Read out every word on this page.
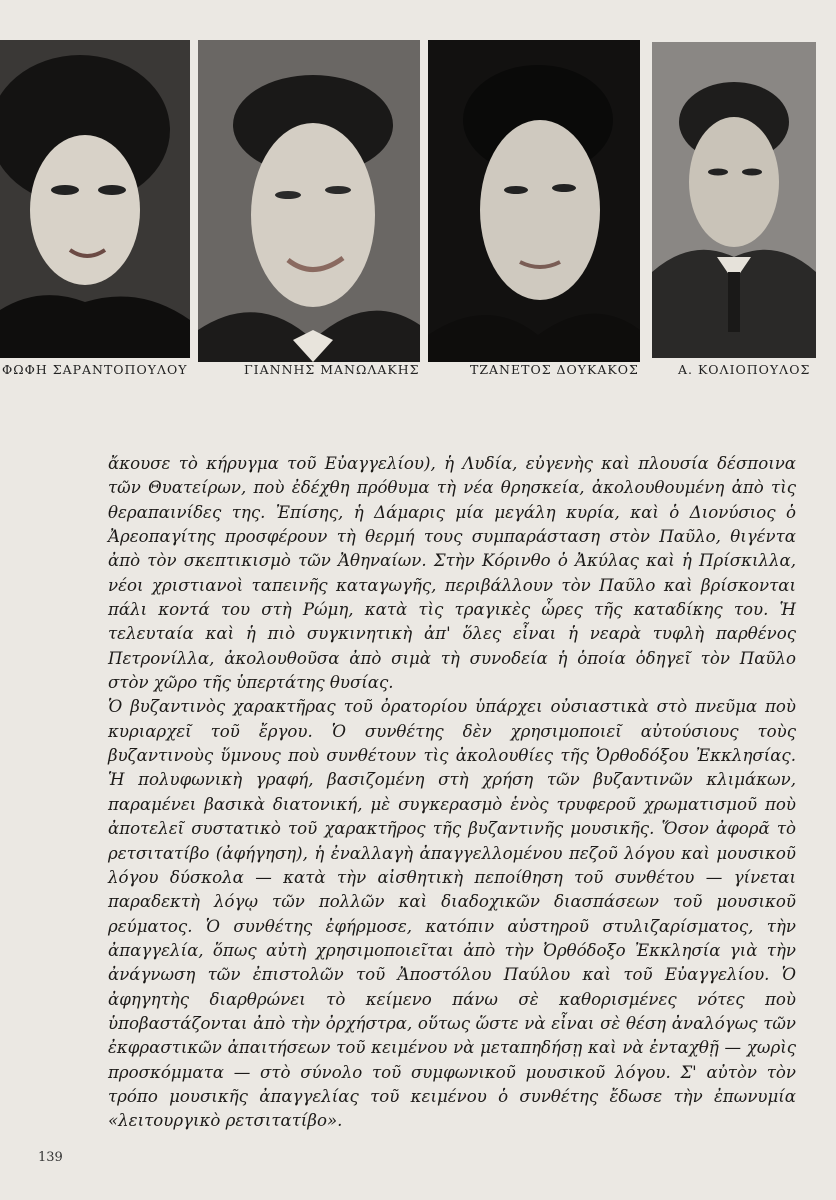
ΦΩΦΗ ΣΑΡΑΝΤΟΠΟΥΛΟΥ	ΓΙΑΝΝΗΣ ΜΑΝΩΛΑΚΗΣ	ΤΖΑΝΕΤΟΣ ΔΟΥΚΑΚΟΣ	Α. ΚΟΛΙΟΠΟΥΛΟΣ

ἄκουσε τὸ κήρυγμα τοῦ Εὐαγγελίου), ἡ Λυδία, εὐγενὴς καὶ πλουσία δέσποινα τῶν Θυατείρων, ποὺ ἐδέχθη πρόθυμα τὴ νέα θρησκεία, ἀκολουθουμένη ἀπὸ τὶς θεραπαινίδες της. Ἐπίσης, ἡ Δάμαρις μία μεγάλη κυρία, καὶ ὁ Διονύσιος ὁ Ἀρεοπαγίτης προσφέρουν τὴ θερμή τους συμπαράσταση στὸν Παῦλο, θιγέντα ἀπὸ τὸν σκεπτικισμὸ τῶν Ἀθηναίων. Στὴν Κόρινθο ὁ Ἀκύλας καὶ ἡ Πρίσκιλλα, νέοι χριστιανοὶ ταπεινῆς καταγωγῆς, περιβάλλουν τὸν Παῦλο καὶ βρίσκονται πάλι κοντά του στὴ Ρώμη, κατὰ τὶς τραγικὲς ὧρες τῆς καταδίκης του. Ἡ τελευταία καὶ ἡ πιὸ συγκινητικὴ ἀπ' ὅλες εἶναι ἡ νεαρὰ τυφλὴ παρθένος Πετρονίλλα, ἀκολουθοῦσα ἀπὸ σιμὰ τὴ συνοδεία ἡ ὁποία ὁδηγεῖ τὸν Παῦλο στὸν χῶρο τῆς ὑπερτάτης θυσίας.

Ὁ βυζαντινὸς χαρακτῆρας τοῦ ὀρατορίου ὑπάρχει οὐσιαστικὰ στὸ πνεῦμα ποὺ κυριαρχεῖ τοῦ ἔργου. Ὁ συνθέτης δὲν χρησιμοποιεῖ αὐτούσιους τοὺς βυζαντινοὺς ὕμνους ποὺ συνθέτουν τὶς ἀκολουθίες τῆς Ὀρθοδόξου Ἐκκλησίας. Ἡ πολυφωνικὴ γραφή, βασιζομένη στὴ χρήση τῶν βυζαντινῶν κλιμάκων, παραμένει βασικὰ διατονική, μὲ συγκερασμὸ ἑνὸς τρυφεροῦ χρωματισμοῦ ποὺ ἀποτελεῖ συστατικὸ τοῦ χαρακτῆρος τῆς βυζαντινῆς μουσικῆς. Ὅσον ἀφορᾶ τὸ ρετσιτατίβο (ἀφήγηση), ἡ ἐναλλαγὴ ἀπαγγελλομένου πεζοῦ λόγου καὶ μουσικοῦ λόγου δύσκολα — κατὰ τὴν αἰσθητικὴ πεποίθηση τοῦ συνθέτου — γίνεται παραδεκτὴ λόγῳ τῶν πολλῶν καὶ διαδοχικῶν διασπάσεων τοῦ μουσικοῦ ρεύματος. Ὁ συνθέτης ἐφήρμοσε, κατόπιν αὐστηροῦ στυλιζαρίσματος, τὴν ἀπαγγελία, ὅπως αὐτὴ χρησιμοποιεῖται ἀπὸ τὴν Ὀρθόδοξο Ἐκκλησία γιὰ τὴν ἀνάγνωση τῶν ἐπιστολῶν τοῦ Ἀποστόλου Παύλου καὶ τοῦ Εὐαγγελίου. Ὁ ἀφηγητὴς διαρθρώνει τὸ κείμενο πάνω σὲ καθορισμένες νότες ποὺ ὑποβαστάζονται ἀπὸ τὴν ὀρχήστρα, οὕτως ὥστε νὰ εἶναι σὲ θέση ἀναλόγως τῶν ἐκφραστικῶν ἀπαιτήσεων τοῦ κειμένου νὰ μεταπηδήσῃ καὶ νὰ ἐνταχθῇ — χωρὶς προσκόμματα — στὸ σύνολο τοῦ συμφωνικοῦ μουσικοῦ λόγου. Σ' αὐτὸν τὸν τρόπο μουσικῆς ἀπαγγελίας τοῦ κειμένου ὁ συνθέτης ἔδωσε τὴν ἐπωνυμία «λειτουργικὸ ρετσιτατίβο».

139
